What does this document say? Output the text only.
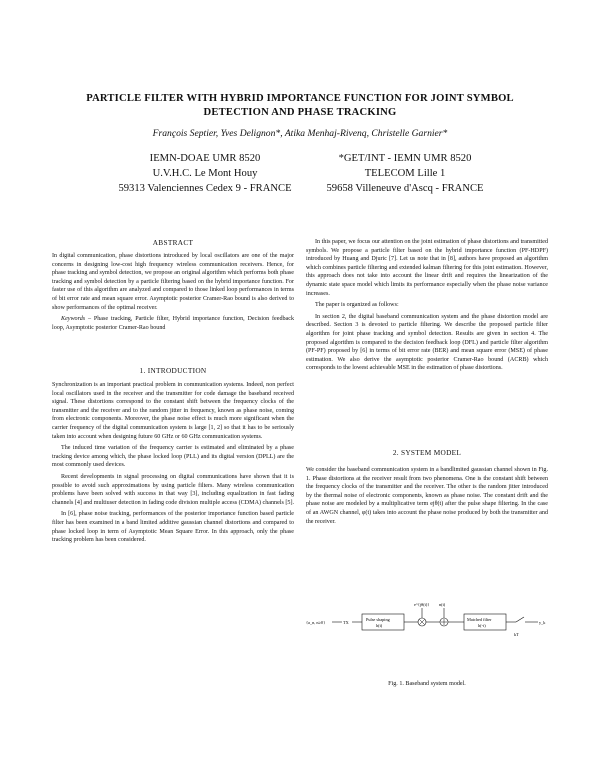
PARTICLE FILTER WITH HYBRID IMPORTANCE FUNCTION FOR JOINT SYMBOL
DETECTION AND PHASE TRACKING
François Septier, Yves Delignon*, Atika Menhaj-Rivenq, Christelle Garnier*
IEMN-DOAE UMR 8520
U.V.H.C. Le Mont Houy
59313 Valenciennes Cedex 9 - FRANCE
*GET/INT - IEMN UMR 8520
TELECOM Lille 1
59658 Villeneuve d'Ascq - FRANCE
ABSTRACT

In digital communication, phase distortions introduced by local oscillators are one of the major concerns in designing low-cost high frequency wireless communication receivers. Hence, for phase tracking and symbol detection, we propose an original algorithm which performs both phase tracking and symbol detection by a particle filtering based on the hybrid importance function. For faster use of this algorithm are analyzed and compared to those linked loop performances in terms of bit error rate and mean square error. Asymptotic posterior Cramer-Rao bound is also derived to show performances of the optimal receiver.

Keywords – Phase tracking, Particle filter, Hybrid importance function, Decision feedback loop, Asymptotic posterior Cramer-Rao bound

1. INTRODUCTION

Synchronization is an important practical problem in communication systems. Indeed, non perfect local oscillators used in the receiver and the transmitter for code damage the baseband received signal. These distortions correspond to the constant shift between the frequency clocks of the transmitter and the receiver and to the random jitter in frequency, known as phase noise, coming from electronic components. Moreover, the phase noise effect is much more significant when the carrier frequency of the digital communication system is large [1, 2] so that it has to be seriously taken into account when designing future 60 GHz or 60 GHz communication systems.

The induced time variation of the frequency carrier is estimated and eliminated by a phase tracking device among which, the phase locked loop (PLL) and its digital version (DPLL) are the most commonly used devices.

Recent developments in signal processing on digital communications have shown that it is possible to avoid such approximations by using particle filters. Many wireless communication problems have been solved with success in that way [3], including equalization in fast fading channels [4] and multiuser detection in fading code division multiple access (CDMA) channels [5].

In [6], phase noise tracking, performances of the posterior importance function based particle filter has been examined in a band limited additive gaussian channel distortions and compared to phase locked loop in term of Asymptotic Mean Square Error. In this approach, only the phase tracking problem has been considered.

In this paper, we focus our attention on the joint estimation of phase distortions and transmitted symbols. We propose a particle filter based on the hybrid importance function (PF-HDPF) introduced by Huang and Djuric [7]. Let us note that in [8], authors have proposed an algorithm which combines particle filtering and extended kalman filtering for this joint estimation. However, this approach does not take into account the linear drift and requires the linearization of the dynamic state space model which limits its performance especially when the phase noise variance increases.

The paper is organized as follows:

In section 2, the digital baseband communication system and the phase distortion model are described. Section 3 is devoted to particle filtering. We describe the proposed particle filter algorithm for joint phase tracking and symbol detection. Results are given in section 4. The proposed algorithm is compared to the decision feedback loop (DFL) and particle filter algorithm (PF-PF) proposed by [6] in terms of bit error rate (BER) and mean square error (MSE) of phase estimation. We also derive the asymptotic posterior Cramer-Rao bound (ACRB) which corresponds to the lowest achievable MSE in the estimation of phase distortions.

2. SYSTEM MODEL

We consider the baseband communication system in a bandlimited gaussian channel shown in Fig. 1. Phase distortions at the receiver result from two phenomena. One is the constant shift between the frequency clocks of the transmitter and the receiver. The other is the random jitter introduced by the thermal noise of electronic components, known as phase noise. The constant drift and the phase noise are modeled by a multiplicative term ejθ(t) after the pulse shape filtering. In the case of an AWGN channel, φ(t) takes into account the phase noise produced by both the transmitter and the receiver.

{a_n, n≥0}	TX
Pulse shaping
h(t)
e^{jθ(t)} n(t)
Matched filter
h(-t)
kT
y_k
Fig. 1. Baseband system model.
